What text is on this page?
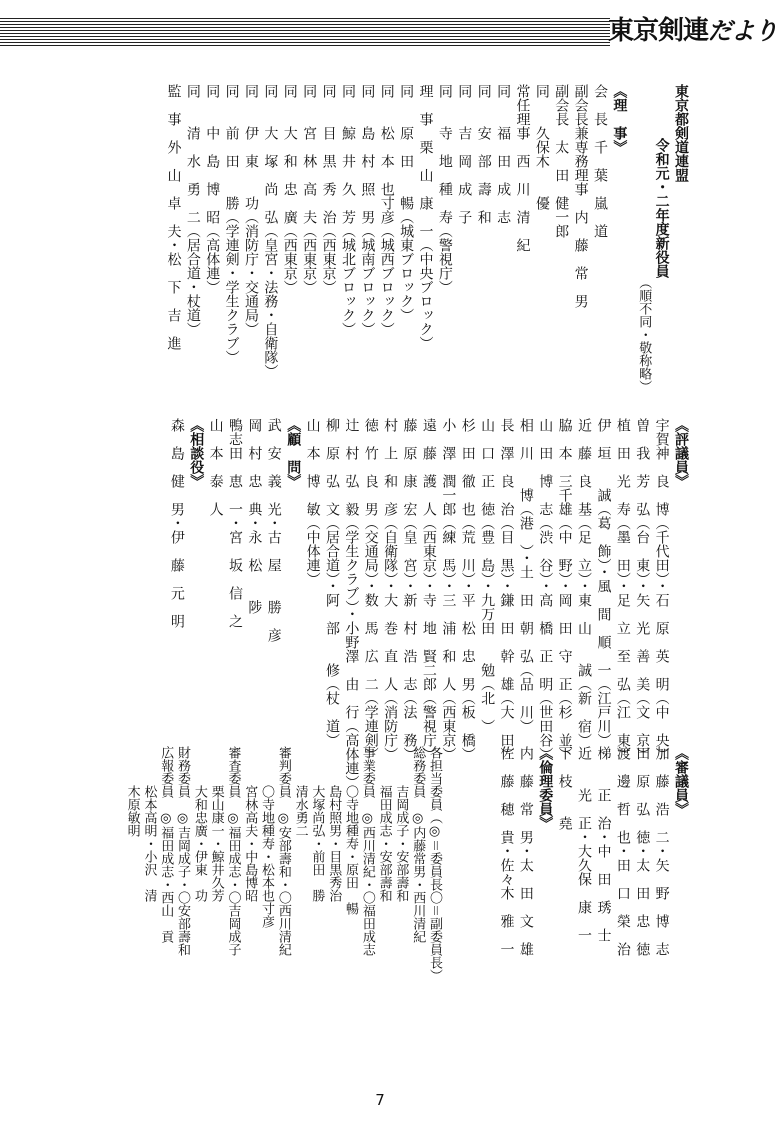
東京剣連だより
東京都剣道連盟
令和元・二年度新役員
（順不同・敬称略）
《理　事》
会　長　千　葉　嵐　道
副会長兼専務理事　内　藤　常　男
副会長　太　田　健一郎
同　　久保木　　優
常任理事　西　川　清　紀
同　　福　田　成　志
同　　安　部　壽　和
同　　吉　岡　成　子
同　　寺　地　種　寿（警視庁）
理　事　栗　山　康　一（中央ブロック）
同　　原　田　　暢（城東ブロック）
同　　松　本　也寸彦（城西ブロック）
同　　島　村　照　男（城南ブロック）
同　　鯨　井　久　芳（城北ブロック）
同　　目　黒　秀　治（西東京）
同　　宮　林　高　夫（西東京）
同　　大　和　忠　廣（西東京）
同　　大　塚　尚　弘（皇宮・法務・自衛隊）
同　　伊　東　　功（消防庁・交通局）
同　　前　田　　勝（学連剣・学生クラブ）
同　　中　島　博　昭（高体連）
同　　清　水　勇　二（居合道・杖道）
監　事　外　山　卓　夫・松　下　吉　進
《評議員》
宇賀神　良　博（千代田）・石　原　英　明（中　央）
曽　我　芳　弘（台　東）・矢　光　善　美（文　京）
植　田　光　寿（墨　田）・足　立　至　弘（江　東）
伊　垣　　誠（葛　飾）・風　間　順　一（江戸川）
近　藤　良　基（足　立）・東　山　　誠（新　宿）
脇　本　三千雄（中　野）・岡　田　守　正（杉　並）
山　田　博　志（渋　谷）・高　橋　正　明（世田谷）
相　川　　博（港　）・土　田　朝　弘（品　川）
長　澤　良　治（目　黒）・鎌　田　幹　雄（大　田）
山　口　正　徳（豊　島）・九万田　　勉（北　）
杉　田　徹　也（荒　川）・平　松　忠　男（板　橋）
小　澤　潤一郎（練　馬）・三　浦　和　人（西東京）
遠　藤　護　人（西東京）・寺　地　賢二郎（警視庁）
藤　原　康　宏（皇　宮）・新　村　浩　志（法　務）
村　上　和　彦（自衛隊）・大　巻　直　人（消防庁）
徳　竹　良　男（交通局）・数　馬　広　二（学連剣）
辻　村　弘　毅（学生クラブ）・小野澤　由　行（高体連）
柳　原　弘　文（居合道）・阿　部　　修（杖　道）
山　本　博　敏（中体連）
《顧　問》
武　安　義　光・古　屋　　勝　彦
岡　村　忠　典・永　松　　陟
鴨志田　恵　一・宮　坂　信　之
山　本　泰　人
《相談役》
森　島　健　男・伊　藤　元　明
《審議員》
加　藤　浩　二・矢　野　博　志
田　原　弘　徳・太　田　忠　徳
渡　邊　哲　也・田　口　榮　治
梯　　正　治・中　田　琇　士
近　　光　正・大久保　康　一
下　枝　　堯
《倫理委員》
内　藤　常　男・太　田　文　雄
佐　藤　穂　貴・佐々木　雅　一
各担当委員（◎＝委員長〇＝副委員長）
総務委員　◎内藤常男・西川清紀
　　　吉岡成子・安部壽和
　　　福田成志・安部壽和
事業委員　◎西川清紀・〇福田成志
　　　〇寺地種寿・原田　暢
　　　島村照男・目黒秀治
　　　大塚尚弘・前田　勝
　　　清水勇二
審判委員　◎安部壽和・〇西川清紀
　　　〇寺地種寿・松本也寸彦
　　　宮林高夫・中島博昭
審査委員　◎福田成志・〇吉岡成子
　　　栗山康一・鯨井久芳
　　　大和忠廣・伊東　功
財務委員　◎吉岡成子・〇安部壽和
広報委員　◎福田成志・西山　貢
　　　松本高明・小沢　清
　　　木原敏明
7
